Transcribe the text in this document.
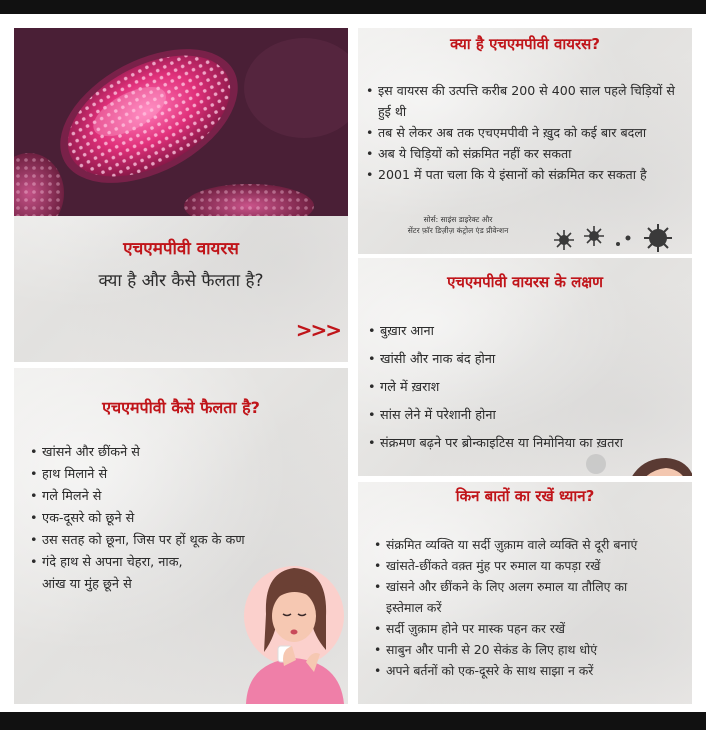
एचएमपीवी वायरस
क्या है और कैसे फैलता है?
>>>
क्या है एचएमपीवी वायरस?
• इस वायरस की उत्पत्ति करीब 200 से 400 साल पहले चिड़ियों से हुई थी
• तब से लेकर अब तक एचएमपीवी ने ख़ुद को कई बार बदला
• अब ये चिड़ियों को संक्रमित नहीं कर सकता
• 2001 में पता चला कि ये इंसानों को संक्रमित कर सकता है
सोर्स: साइंस डाइरेक्ट और
सेंटर फ़ॉर डिज़ीज़ कंट्रोल एंड प्रीवेन्शन
एचएमपीवी वायरस के लक्षण
• बुख़ार आना
• खांसी और नाक बंद होना
• गले में ख़राश
• सांस लेने में परेशानी होना
• संक्रमण बढ़ने पर ब्रोन्काइटिस या निमोनिया का ख़तरा
एचएमपीवी कैसे फैलता है?
• खांसने और छींकने से
• हाथ मिलाने से
• गले मिलने से
• एक-दूसरे को छूने से
• उस सतह को छूना, जिस पर हों थूक के कण
• गंदे हाथ से अपना चेहरा, नाक,
आंख या मुंह छूने से
किन बातों का रखें ध्यान?
• संक्रमित व्यक्ति या सर्दी ज़ुक़ाम वाले व्यक्ति से दूरी बनाएं
• खांसते-छींकते वक़्त मुंह पर रुमाल या कपड़ा रखें
• खांसने और छींकने के लिए अलग रुमाल या तौलिए का
इस्तेमाल करें
• सर्दी ज़ुक़ाम होने पर मास्क पहन कर रखें
• साबुन और पानी से 20 सेकंड के लिए हाथ धोएं
• अपने बर्तनों को एक-दूसरे के साथ साझा न करें
